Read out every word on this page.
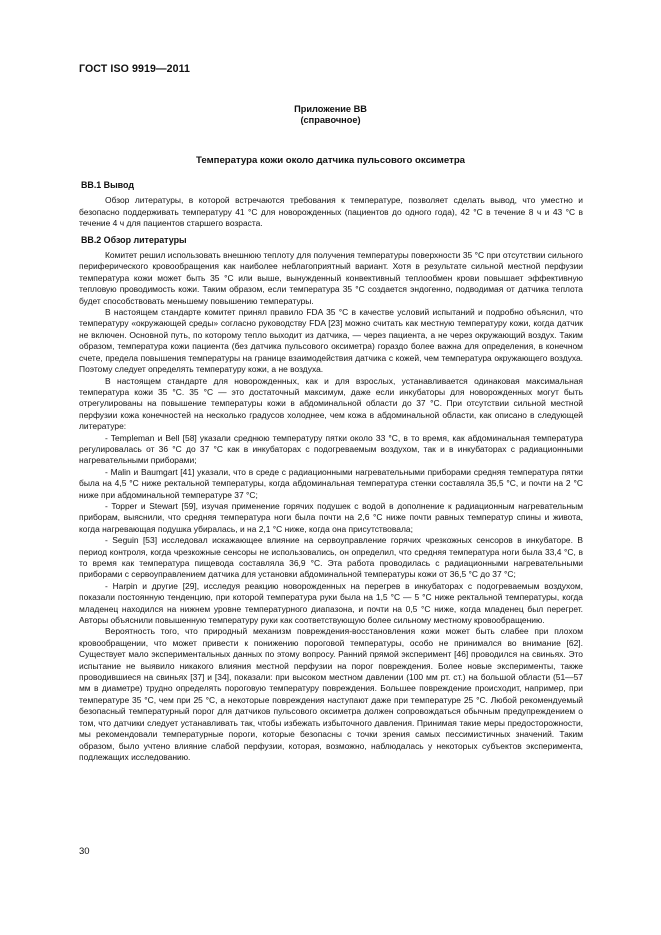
ГОСТ ISO 9919—2011
Приложение ВВ
(справочное)
Температура кожи около датчика пульсового оксиметра
ВВ.1 Вывод

Обзор литературы, в которой встречаются требования к температуре, позволяет сделать вывод, что уместно и безопасно поддерживать температуру 41 °С для новорожденных (пациентов до одного года), 42 °С в течение 8 ч и 43 °С в течение 4 ч для пациентов старшего возраста.

ВВ.2 Обзор литературы

Комитет решил использовать внешнюю теплоту для получения температуры поверхности 35 °С при отсутствии сильного периферического кровообращения как наиболее неблагоприятный вариант. Хотя в результате сильной местной перфузии температура кожи может быть 35 °С или выше, вынужденный конвективный теплообмен крови повышает эффективную тепловую проводимость кожи. Таким образом, если температура 35 °С создается эндогенно, подводимая от датчика теплота будет способствовать меньшему повышению температуры.

В настоящем стандарте комитет принял правило FDA 35 °С в качестве условий испытаний и подробно объяснил, что температуру «окружающей среды» согласно руководству FDA [23] можно считать как местную температуру кожи, когда датчик не включен. Основной путь, по которому тепло выходит из датчика, — через пациента, а не через окружающий воздух. Таким образом, температура кожи пациента (без датчика пульсового оксиметра) гораздо более важна для определения, в конечном счете, предела повышения температуры на границе взаимодействия датчика с кожей, чем температура окружающего воздуха. Поэтому следует определять температуру кожи, а не воздуха.

В настоящем стандарте для новорожденных, как и для взрослых, устанавливается одинаковая максимальная температура кожи 35 °С. 35 °С — это достаточный максимум, даже если инкубаторы для новорожденных могут быть отрегулированы на повышение температуры кожи в абдоминальной области до 37 °С. При отсутствии сильной местной перфузии кожа конечностей на несколько градусов холоднее, чем кожа в абдоминальной области, как описано в следующей литературе:

- Templeman и Bell [58] указали среднюю температуру пятки около 33 °С, в то время, как абдоминальная температура регулировалась от 36 °С до 37 °С как в инкубаторах с подогреваемым воздухом, так и в инкубаторах с радиационными нагревательными приборами;

- Malin и Baumgart [41] указали, что в среде с радиационными нагревательными приборами средняя температура пятки была на 4,5 °С ниже ректальной температуры, когда абдоминальная температура стенки составляла 35,5 °С, и почти на 2 °С ниже при абдоминальной температуре 37 °С;

- Topper и Stewart [59], изучая применение горячих подушек с водой в дополнение к радиационным нагревательным приборам, выяснили, что средняя температура ноги была почти на 2,6 °С ниже почти равных температур спины и живота, когда нагревающая подушка убиралась, и на 2,1 °С ниже, когда она присутствовала;

- Seguin [53] исследовал искажающее влияние на сервоуправление горячих чрезкожных сенсоров в инкубаторе. В период контроля, когда чрезкожные сенсоры не использовались, он определил, что средняя температура ноги была 33,4 °С, в то время как температура пищевода составляла 36,9 °С. Эта работа проводилась с радиационными нагревательными приборами с сервоуправлением датчика для установки абдоминальной температуры кожи от 36,5 °С до 37 °С;

- Harpin и другие [29], исследуя реакцию новорожденных на перегрев в инкубаторах с подогреваемым воздухом, показали постоянную тенденцию, при которой температура руки была на 1,5 °С — 5 °С ниже ректальной температуры, когда младенец находился на нижнем уровне температурного диапазона, и почти на 0,5 °С ниже, когда младенец был перегрет. Авторы объяснили повышенную температуру руки как соответствующую более сильному местному кровообращению.

Вероятность того, что природный механизм повреждения-восстановления кожи может быть слабее при плохом кровообращении, что может привести к понижению пороговой температуры, особо не принимался во внимание [62]. Существует мало экспериментальных данных по этому вопросу. Ранний прямой эксперимент [46] проводился на свиньях. Это испытание не выявило никакого влияния местной перфузии на порог повреждения. Более новые эксперименты, также проводившиеся на свиньях [37] и [34], показали: при высоком местном давлении (100 мм рт. ст.) на большой области (51—57 мм в диаметре) трудно определять пороговую температуру повреждения. Большее повреждение происходит, например, при температуре 35 °С, чем при 25 °С, а некоторые повреждения наступают даже при температуре 25 °С. Любой рекомендуемый безопасный температурный порог для датчиков пульсового оксиметра должен сопровождаться обычным предупреждением о том, что датчики следует устанавливать так, чтобы избежать избыточного давления. Принимая такие меры предосторожности, мы рекомендовали температурные пороги, которые безопасны с точки зрения самых пессимистичных значений. Таким образом, было учтено влияние слабой перфузии, которая, возможно, наблюдалась у некоторых субъектов эксперимента, подлежащих исследованию.

30
